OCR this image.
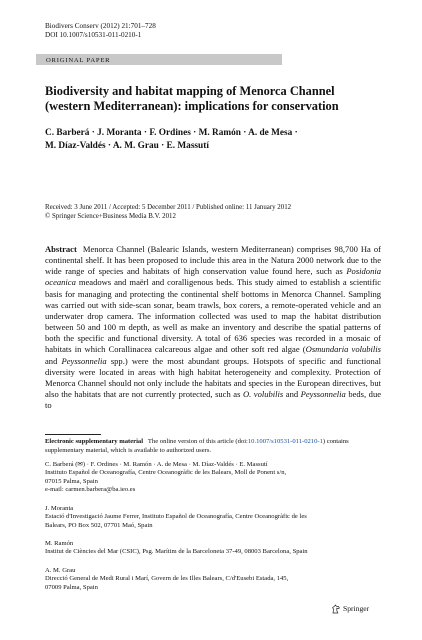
Biodivers Conserv (2012) 21:701–728
DOI 10.1007/s10531-011-0210-1
ORIGINAL PAPER
Biodiversity and habitat mapping of Menorca Channel
(western Mediterranean): implications for conservation
C. Barberá · J. Moranta · F. Ordines · M. Ramón · A. de Mesa ·
M. Díaz-Valdés · A. M. Grau · E. Massutí
Received: 3 June 2011 / Accepted: 5 December 2011 / Published online: 11 January 2012
© Springer Science+Business Media B.V. 2012

Abstract Menorca Channel (Balearic Islands, western Mediterranean) comprises 98,700 Ha of continental shelf. It has been proposed to include this area in the Natura 2000 network due to the wide range of species and habitats of high conservation value found here, such as Posidonia oceanica meadows and maërl and coralligenous beds. This study aimed to establish a scientific basis for managing and protecting the continental shelf bottoms in Menorca Channel. Sampling was carried out with side-scan sonar, beam trawls, box corers, a remote-operated vehicle and an underwater drop camera. The information collected was used to map the habitat distribution between 50 and 100 m depth, as well as make an inventory and describe the spatial patterns of both the specific and functional diversity. A total of 636 species was recorded in a mosaic of habitats in which Corallinacea calcareous algae and other soft red algae (Osmundaria volubilis and Peyssonnelia spp.) were the most abundant groups. Hotspots of specific and functional diversity were located in areas with high habitat heterogeneity and complexity. Protection of Menorca Channel should not only include the habitats and species in the European directives, but also the habitats that are not currently protected, such as O. volubilis and Peyssonnelia beds, due to

Electronic supplementary material The online version of this article (doi:10.1007/s10531-011-0210-1) contains supplementary material, which is available to authorized users.
C. Barberá (✉) · F. Ordines · M. Ramón · A. de Mesa · M. Díaz-Valdés · E. Massutí
Instituto Español de Oceanografía, Centre Oceanogràfic de les Balears, Moll de Ponent s/n,
07015 Palma, Spain
e-mail: carmen.barbera@ba.ieo.es
J. Moranta
Estació d'Investigació Jaume Ferrer, Instituto Español de Oceanografía, Centre Oceanogràfic de les
Balears, PO Box 502, 07701 Maó, Spain
M. Ramón
Institut de Ciències del Mar (CSIC), Psg. Marítim de la Barceloneta 37-49, 08003 Barcelona, Spain
A. M. Grau
Direcció General de Medi Rural i Marí, Govern de les Illes Balears, C/d'Eusebi Estada, 145,
07009 Palma, Spain
Springer
